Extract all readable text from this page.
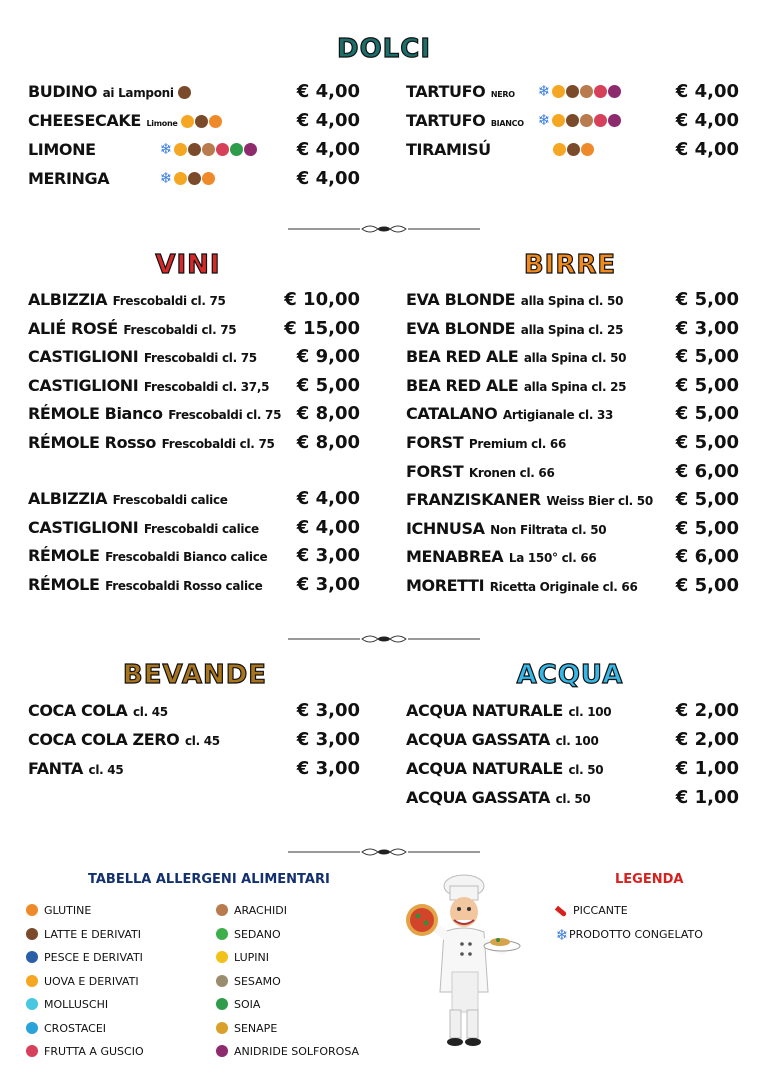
DOLCI
BUDINO ai Lamponi	€ 4,00
CHEESECAKE Limone	€ 4,00
LIMONE	❄	€ 4,00
MERINGA	❄	€ 4,00
TARTUFO NERO ❄	€ 4,00
TARTUFO BIANCO ❄	€ 4,00
TIRAMISÚ	€ 4,00
VINI	BIRRE
ALBIZZIA Frescobaldi cl. 75	€ 10,00
ALIÉ ROSÉ Frescobaldi cl. 75	€ 15,00
CASTIGLIONI Frescobaldi cl. 75 € 9,00
CASTIGLIONI Frescobaldi cl. 37,5 € 5,00
RÉMOLE Bianco Frescobaldi cl. 75 € 8,00
RÉMOLE Rosso Frescobaldi cl. 75 € 8,00
ALBIZZIA Frescobaldi calice	€ 4,00
CASTIGLIONI Frescobaldi calice € 4,00
RÉMOLE Frescobaldi Bianco calice € 3,00
RÉMOLE Frescobaldi Rosso calice € 3,00
EVA BLONDE alla Spina cl. 50	€ 5,00
EVA BLONDE alla Spina cl. 25	€ 3,00
BEA RED ALE alla Spina cl. 50	€ 5,00
BEA RED ALE alla Spina cl. 25	€ 5,00
CATALANO Artigianale cl. 33	€ 5,00
FORST Premium cl. 66	€ 5,00
FORST Kronen cl. 66	€ 6,00
FRANZISKANER Weiss Bier cl. 50 € 5,00
ICHNUSA Non Filtrata cl. 50	€ 5,00
MENABREA La 150° cl. 66	€ 6,00
MORETTI Ricetta Originale cl. 66 € 5,00
BEVANDE	ACQUA
COCA COLA cl. 45	€ 3,00
COCA COLA ZERO cl. 45	€ 3,00
FANTA cl. 45	€ 3,00
ACQUA NATURALE cl. 100	€ 2,00
ACQUA GASSATA cl. 100	€ 2,00
ACQUA NATURALE cl. 50	€ 1,00
ACQUA GASSATA cl. 50	€ 1,00
TABELLA ALLERGENI ALIMENTARI
GLUTINE
LATTE E DERIVATI
PESCE E DERIVATI
UOVA E DERIVATI
MOLLUSCHI
CROSTACEI
FRUTTA A GUSCIO
ARACHIDI
SEDANO
LUPINI
SESAMO
SOIA
SENAPE
ANIDRIDE SOLFOROSA
LEGENDA
PICCANTE
❄PRODOTTO CONGELATO
